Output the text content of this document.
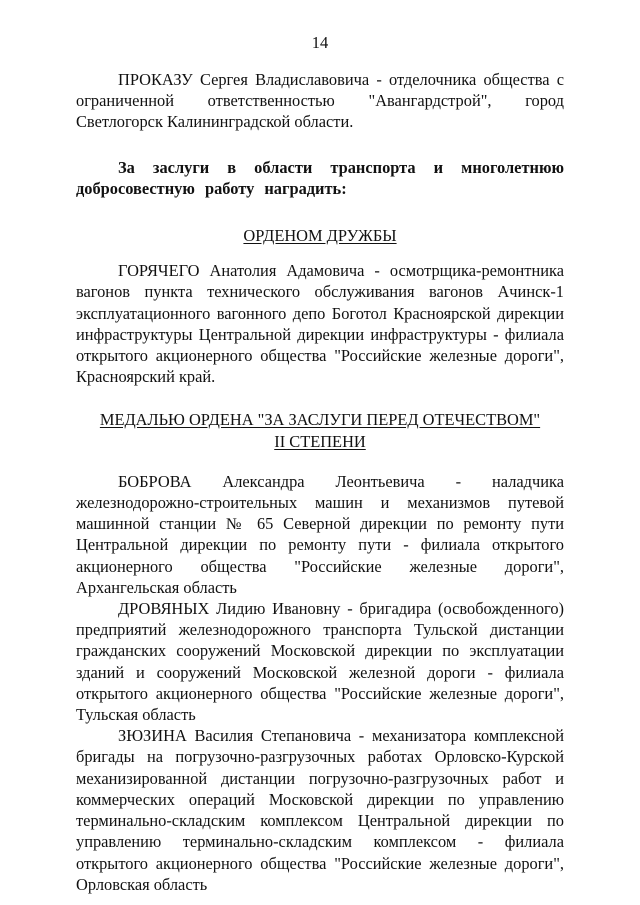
14

ПРОКАЗУ Сергея Владиславовича - отделочника общества с ограниченной ответственностью "Авангардстрой", город Светлогорск Калининградской области.

За заслуги в области транспорта и многолетнюю добросовестную работу наградить:

ОРДЕНОМ ДРУЖБЫ

ГОРЯЧЕГО Анатолия Адамовича - осмотрщика-ремонтника вагонов пункта технического обслуживания вагонов Ачинск-1 эксплуатационного вагонного депо Боготол Красноярской дирекции инфраструктуры Центральной дирекции инфраструктуры - филиала открытого акционерного общества "Российские железные дороги", Красноярский край.

МЕДАЛЬЮ ОРДЕНА "ЗА ЗАСЛУГИ ПЕРЕД ОТЕЧЕСТВОМ"
II СТЕПЕНИ

БОБРОВА Александра Леонтьевича - наладчика железнодорожно-строительных машин и механизмов путевой машинной станции № 65 Северной дирекции по ремонту пути Центральной дирекции по ремонту пути - филиала открытого акционерного общества "Российские железные дороги", Архангельская область

ДРОВЯНЫХ Лидию Ивановну - бригадира (освобожденного) предприятий железнодорожного транспорта Тульской дистанции гражданских сооружений Московской дирекции по эксплуатации зданий и сооружений Московской железной дороги - филиала открытого акционерного общества "Российские железные дороги", Тульская область

ЗЮЗИНА Василия Степановича - механизатора комплексной бригады на погрузочно-разгрузочных работах Орловско-Курской механизированной дистанции погрузочно-разгрузочных работ и коммерческих операций Московской дирекции по управлению терминально-складским комплексом Центральной дирекции по управлению терминально-складским комплексом - филиала открытого акционерного общества "Российские железные дороги", Орловская область
